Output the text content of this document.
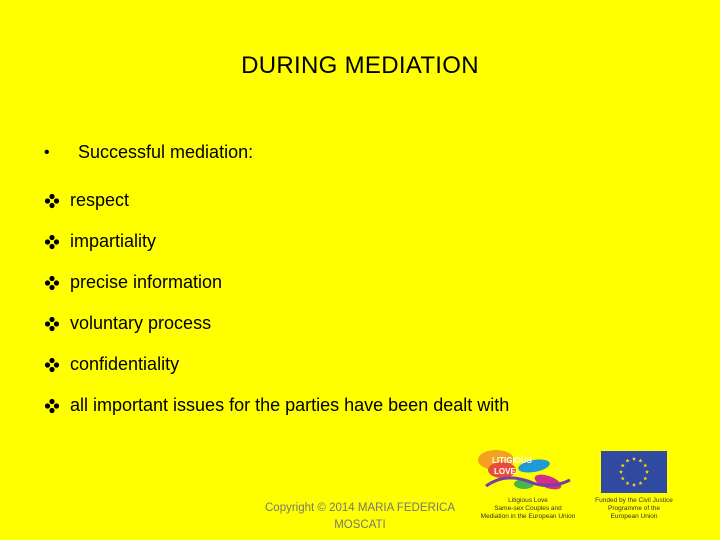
DURING MEDIATION
•	Successful mediation:
respect
impartiality
precise information
voluntary process
confidentiality
all important issues for the parties have been dealt with
Copyright © 2014 MARIA FEDERICA
MOSCATI
LITIGIOUS
LOVE
Litigious Love
Same-sex Couples and
Mediation in the European Union
Funded by the Civil Justice
Programme of the
European Union
